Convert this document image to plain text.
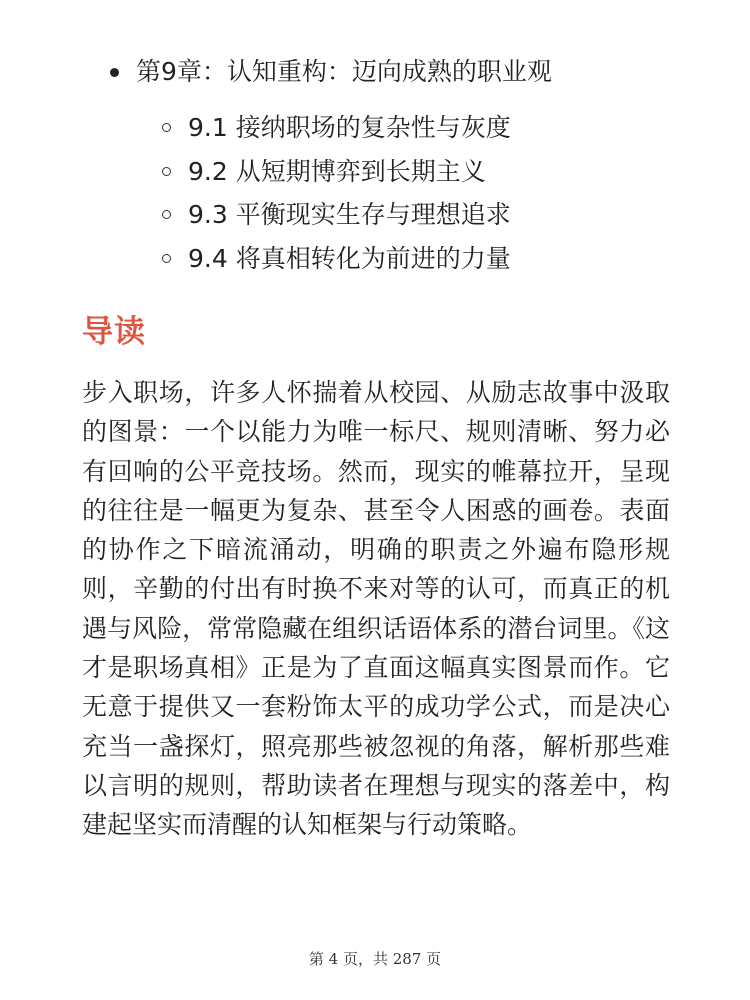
第9章：认知重构：迈向成熟的职业观
9.1 接纳职场的复杂性与灰度
9.2 从短期博弈到长期主义
9.3 平衡现实生存与理想追求
9.4 将真相转化为前进的力量
导读

步入职场，许多人怀揣着从校园、从励志故事中汲取的图景：一个以能力为唯一标尺、规则清晰、努力必有回响的公平竞技场。然而，现实的帷幕拉开，呈现的往往是一幅更为复杂、甚至令人困惑的画卷。表面的协作之下暗流涌动，明确的职责之外遍布隐形规则，辛勤的付出有时换不来对等的认可，而真正的机遇与风险，常常隐藏在组织话语体系的潜台词里。《这才是职场真相》正是为了直面这幅真实图景而作。它无意于提供又一套粉饰太平的成功学公式，而是决心充当一盏探灯，照亮那些被忽视的角落，解析那些难以言明的规则，帮助读者在理想与现实的落差中，构建起坚实而清醒的认知框架与行动策略。

第 4 页，共 287 页
